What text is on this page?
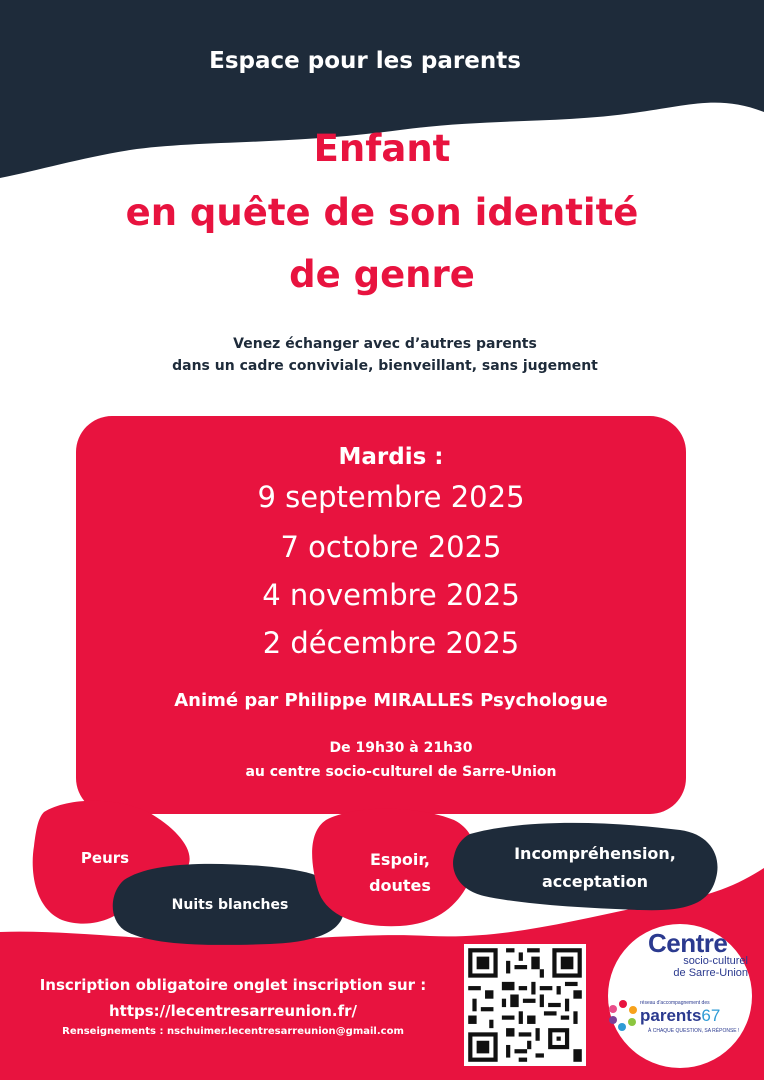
Espace pour les parents
Enfant
en quête de son identité
de genre
Venez échanger avec d’autres parents
dans un cadre conviviale, bienveillant, sans jugement
Mardis :
9 septembre 2025
7 octobre 2025
4 novembre 2025
2 décembre 2025
Animé par Philippe MIRALLES Psychologue
De 19h30 à 21h30
au centre socio-culturel de Sarre-Union
Peurs
Nuits blanches
Espoir,
doutes
Incompréhension,
acceptation
Inscription obligatoire onglet inscription sur :
https://lecentresarreunion.fr/
Renseignements : nschuimer.lecentresarreunion@gmail.com
Centre
socio-culturel
de Sarre-Union
réseau d'accompagnement des
parents67
À CHAQUE QUESTION, SA RÉPONSE !
